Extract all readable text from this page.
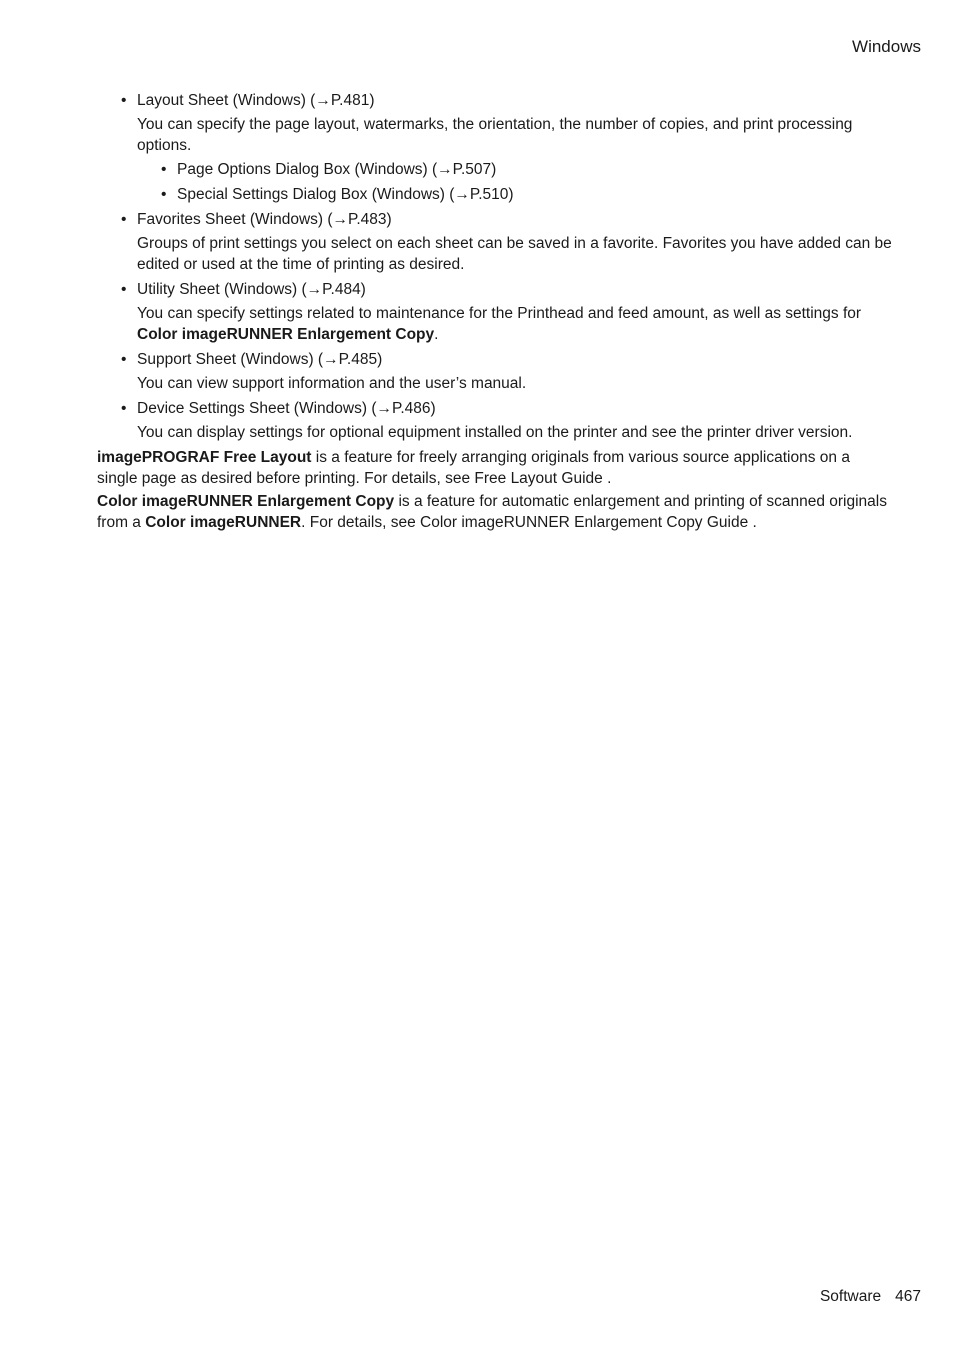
Windows
• Layout Sheet (Windows) (→P.481)
You can specify the page layout, watermarks, the orientation, the number of copies, and print processing options.
• Page Options Dialog Box (Windows) (→P.507)
• Special Settings Dialog Box (Windows) (→P.510)
• Favorites Sheet (Windows) (→P.483)
Groups of print settings you select on each sheet can be saved in a favorite. Favorites you have added can be edited or used at the time of printing as desired.
• Utility Sheet (Windows) (→P.484)
You can specify settings related to maintenance for the Printhead and feed amount, as well as settings for Color imageRUNNER Enlargement Copy.
• Support Sheet (Windows) (→P.485)
You can view support information and the user’s manual.
• Device Settings Sheet (Windows) (→P.486)
You can display settings for optional equipment installed on the printer and see the printer driver version.

imagePROGRAF Free Layout is a feature for freely arranging originals from various source applications on a single page as desired before printing. For details, see Free Layout Guide .

Color imageRUNNER Enlargement Copy is a feature for automatic enlargement and printing of scanned originals from a Color imageRUNNER. For details, see Color imageRUNNER Enlargement Copy Guide .

Software 467
